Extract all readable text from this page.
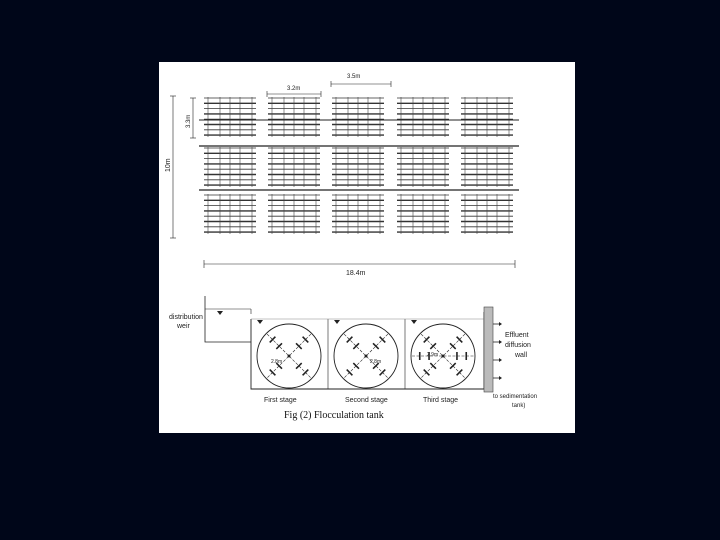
3.5m
3.2m
3.3m
10m
18.4m
distribution
weir
Effluent
diffusion
wall
to sedimentation
tank)
First stage	Second stage	Third stage
Fig (2) Flocculation tank
2.8m	2.8m
2.9m
